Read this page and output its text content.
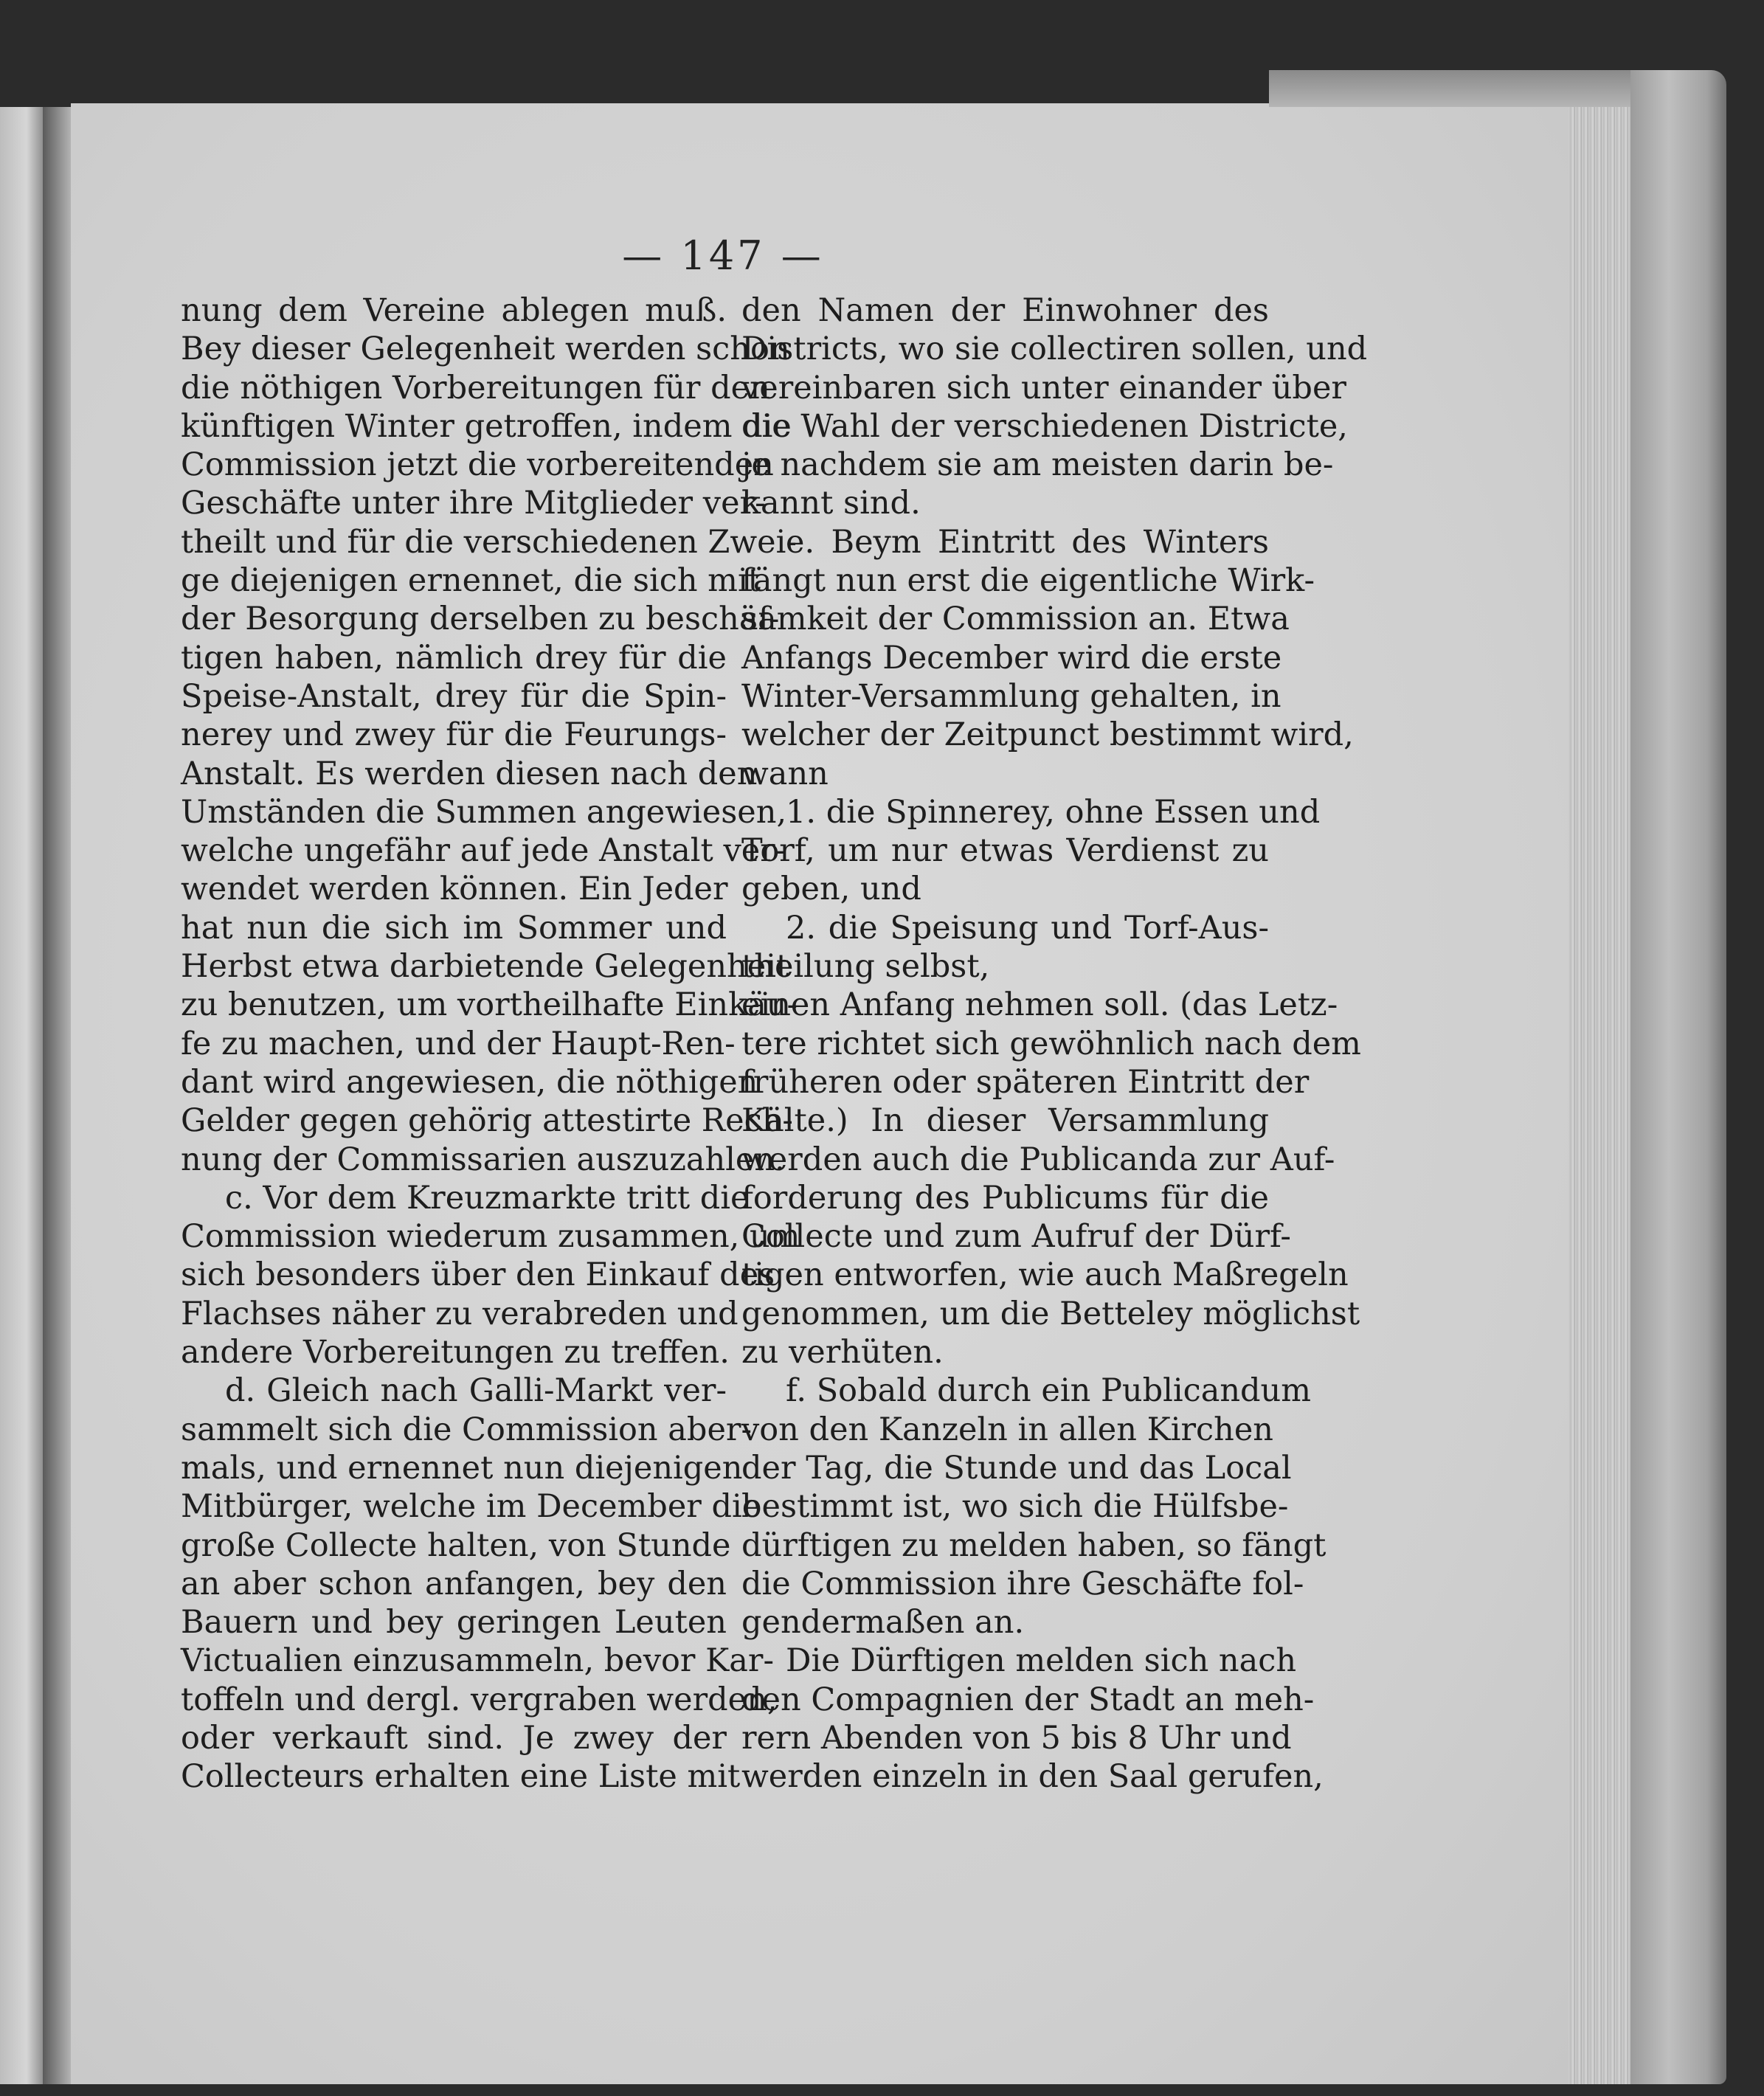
— 147 —
nung dem Vereine ablegen muß.
Bey dieser Gelegenheit werden schon
die nöthigen Vorbereitungen für den
künftigen Winter getroffen, indem die
Commission jetzt die vorbereitenden
Geschäfte unter ihre Mitglieder ver-
theilt und für die verschiedenen Zwei-
ge diejenigen ernennet, die sich mit
der Besorgung derselben zu beschäf-
tigen haben, nämlich drey für die
Speise-Anstalt, drey für die Spin-
nerey und zwey für die Feurungs-
Anstalt. Es werden diesen nach den
Umständen die Summen angewiesen,
welche ungefähr auf jede Anstalt ver-
wendet werden können. Ein Jeder
hat nun die sich im Sommer und
Herbst etwa darbietende Gelegenheit
zu benutzen, um vortheilhafte Einkäu-
fe zu machen, und der Haupt-Ren-
dant wird angewiesen, die nöthigen
Gelder gegen gehörig attestirte Rech-
nung der Commissarien auszuzahlen.
c. Vor dem Kreuzmarkte tritt die
Commission wiederum zusammen, um
sich besonders über den Einkauf des
Flachses näher zu verabreden und
andere Vorbereitungen zu treffen.
d. Gleich nach Galli-Markt ver-
sammelt sich die Commission aber-
mals, und ernennet nun diejenigen
Mitbürger, welche im December die
große Collecte halten, von Stunde
an aber schon anfangen, bey den
Bauern und bey geringen Leuten
Victualien einzusammeln, bevor Kar-
toffeln und dergl. vergraben werden,
oder verkauft sind. Je zwey der
Collecteurs erhalten eine Liste mit
den Namen der Einwohner des
Districts, wo sie collectiren sollen, und
vereinbaren sich unter einander über
die Wahl der verschiedenen Districte,
je nachdem sie am meisten darin be-
kannt sind.
e. Beym Eintritt des Winters
fängt nun erst die eigentliche Wirk-
samkeit der Commission an. Etwa
Anfangs December wird die erste
Winter-Versammlung gehalten, in
welcher der Zeitpunct bestimmt wird,
wann
1. die Spinnerey, ohne Essen und
Torf, um nur etwas Verdienst zu
geben, und
2. die Speisung und Torf-Aus-
theilung selbst,
einen Anfang nehmen soll. (das Letz-
tere richtet sich gewöhnlich nach dem
früheren oder späteren Eintritt der
Kälte.) In dieser Versammlung
werden auch die Publicanda zur Auf-
forderung des Publicums für die
Collecte und zum Aufruf der Dürf-
tigen entworfen, wie auch Maßregeln
genommen, um die Betteley möglichst
zu verhüten.
f. Sobald durch ein Publicandum
von den Kanzeln in allen Kirchen
der Tag, die Stunde und das Local
bestimmt ist, wo sich die Hülfsbe-
dürftigen zu melden haben, so fängt
die Commission ihre Geschäfte fol-
gendermaßen an.
Die Dürftigen melden sich nach
den Compagnien der Stadt an meh-
rern Abenden von 5 bis 8 Uhr und
werden einzeln in den Saal gerufen,
